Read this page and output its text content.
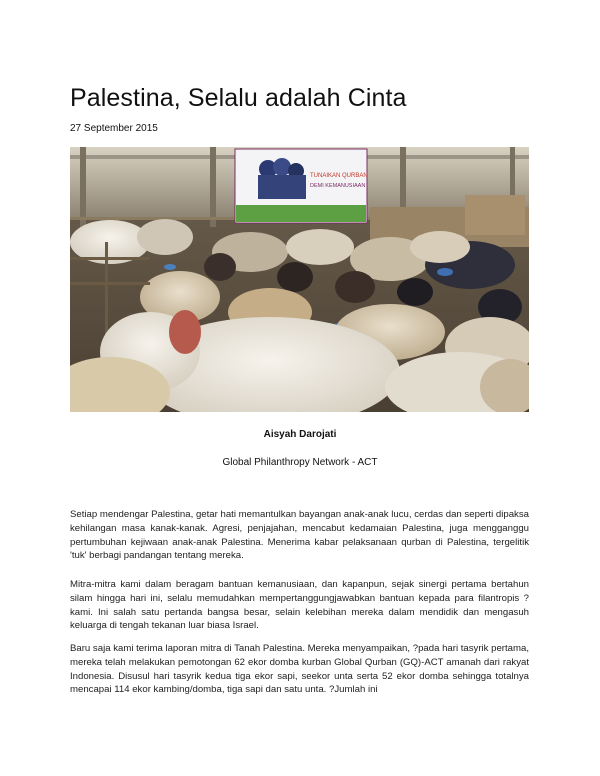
Palestina, Selalu adalah Cinta
27 September 2015
TUNAIKAN QURBAN
DEMI KEMANUSIAAN
Aisyah Darojati
Global Philanthropy Network - ACT

Setiap mendengar Palestina, getar hati memantulkan bayangan anak-anak lucu, cerdas dan seperti dipaksa kehilangan masa kanak-kanak. Agresi, penjajahan, mencabut kedamaian Palestina, juga mengganggu pertumbuhan kejiwaan anak-anak Palestina. Menerima kabar pelaksanaan qurban di Palestina, tergelitik 'tuk' berbagi pandangan tentang mereka.

Mitra-mitra kami dalam beragam bantuan kemanusiaan, dan kapanpun, sejak sinergi pertama bertahun silam hingga hari ini, selalu memudahkan mempertanggungjawabkan bantuan kepada para filantropis ?kami. Ini salah satu pertanda bangsa besar, selain kelebihan mereka dalam mendidik dan mengasuh keluarga di tengah tekanan luar biasa Israel.

Baru saja kami terima laporan mitra di Tanah Palestina. Mereka menyampaikan, ?pada hari tasyrik pertama, mereka telah melakukan pemotongan 62 ekor domba kurban Global Qurban (GQ)-ACT amanah dari rakyat Indonesia. Disusul hari tasyrik kedua tiga ekor sapi, seekor unta serta 52 ekor domba sehingga totalnya mencapai 114 ekor kambing/domba, tiga sapi dan satu unta. ?Jumlah ini
